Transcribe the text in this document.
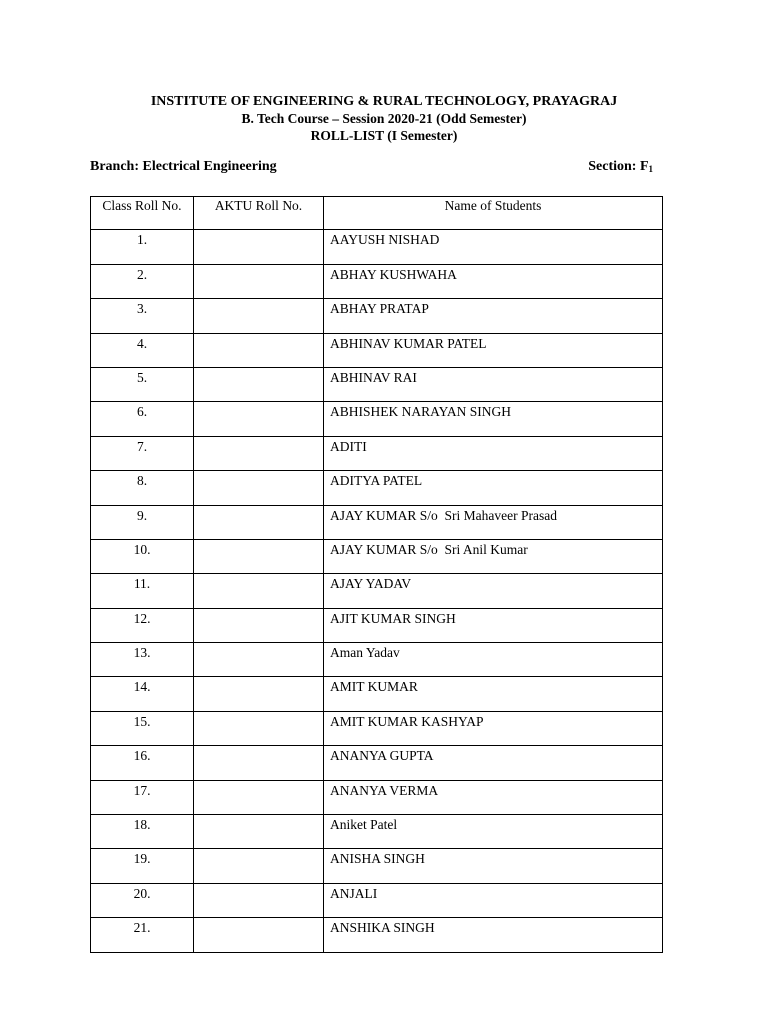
INSTITUTE OF ENGINEERING & RURAL TECHNOLOGY, PRAYAGRAJ
B. Tech Course – Session 2020-21 (Odd Semester)
ROLL-LIST (I Semester)
Branch: Electrical Engineering	Section: $F_1$
Class Roll No.	AKTU Roll No.	Name of Students
1.		AAYUSH NISHAD
2.		ABHAY KUSHWAHA
3.		ABHAY PRATAP
4.		ABHINAV KUMAR PATEL
5.		ABHINAV RAI
6.		ABHISHEK NARAYAN SINGH
7.		ADITI
8.		ADITYA PATEL
9.		AJAY KUMAR S/o  Sri Mahaveer Prasad
10.		AJAY KUMAR S/o  Sri Anil Kumar
11.		AJAY YADAV
12.		AJIT KUMAR SINGH
13.		Aman Yadav
14.		AMIT KUMAR
15.		AMIT KUMAR KASHYAP
16.		ANANYA GUPTA
17.		ANANYA VERMA
18.		Aniket Patel
19.		ANISHA SINGH
20.		ANJALI
21.		ANSHIKA SINGH
